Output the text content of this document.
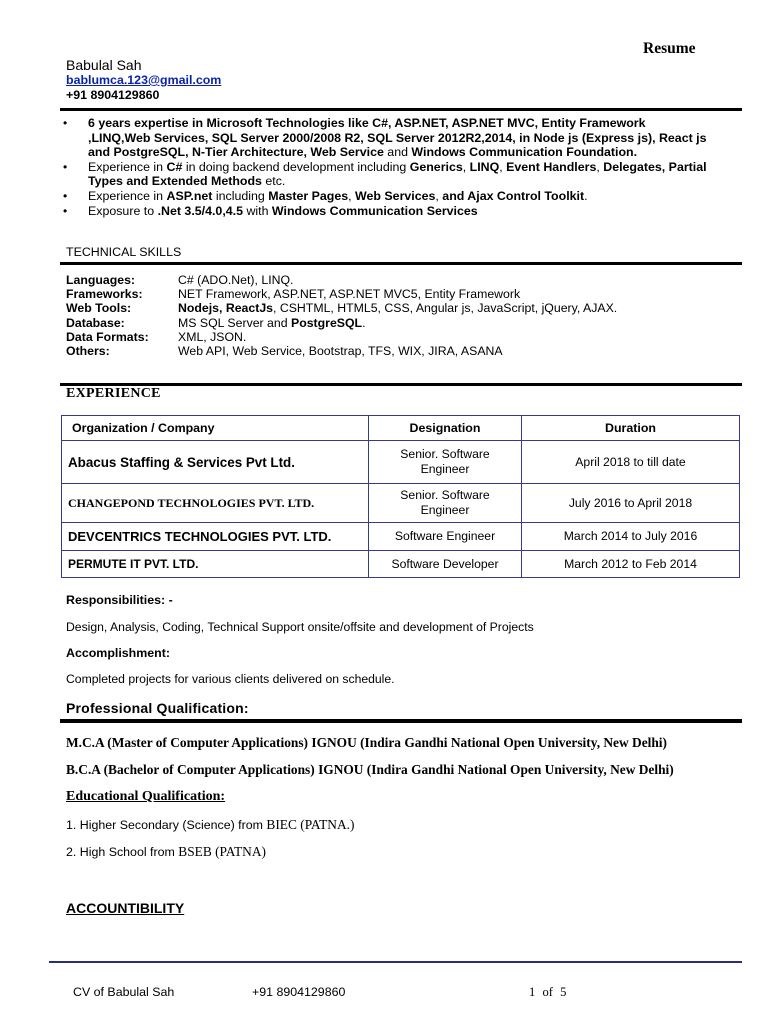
Resume
Babulal Sah
bablumca.123@gmail.com
+91 8904129860
• 6 years expertise in Microsoft Technologies like C#, ASP.NET, ASP.NET MVC, Entity Framework ,LINQ,Web Services, SQL Server 2000/2008 R2, SQL Server 2012R2,2014, in Node js (Express js), React js and PostgreSQL, N-Tier Architecture, Web Service and Windows Communication Foundation.
• Experience in C# in doing backend development including Generics, LINQ, Event Handlers, Delegates, Partial Types and Extended Methods etc.
• Experience in ASP.net including Master Pages, Web Services, and Ajax Control Toolkit.
• Exposure to .Net 3.5/4.0,4.5 with Windows Communication Services
TECHNICAL SKILLS
Languages:	C# (ADO.Net), LINQ.
Frameworks:	NET Framework, ASP.NET, ASP.NET MVC5, Entity Framework
Web Tools:	Nodejs, ReactJs, CSHTML, HTML5, CSS, Angular js, JavaScript, jQuery, AJAX.
Database:	MS SQL Server and PostgreSQL.
Data Formats:	XML, JSON.
Others:	Web API, Web Service, Bootstrap, TFS, WIX, JIRA, ASANA
EXPERIENCE
Organization / Company	Designation	Duration
Abacus Staffing & Services Pvt Ltd.	Senior. Software Engineer	April 2018 to till date
CHANGEPOND TECHNOLOGIES PVT. LTD.	Senior. Software Engineer	July 2016 to April 2018
DEVCENTRICS TECHNOLOGIES PVT. LTD.	Software Engineer	March 2014 to July 2016
PERMUTE IT PVT. LTD.	Software Developer	March 2012 to Feb 2014
Responsibilities: -
Design, Analysis, Coding, Technical Support onsite/offsite and development of Projects
Accomplishment:
Completed projects for various clients delivered on schedule.
Professional Qualification:
M.C.A (Master of Computer Applications) IGNOU (Indira Gandhi National Open University, New Delhi)
B.C.A (Bachelor of Computer Applications) IGNOU (Indira Gandhi National Open University, New Delhi)
Educational Qualification:
1. Higher Secondary (Science) from BIEC (PATNA.)
2. High School from BSEB (PATNA)
ACCOUNTIBILITY
CV of Babulal Sah	+91 8904129860	1 of 5
